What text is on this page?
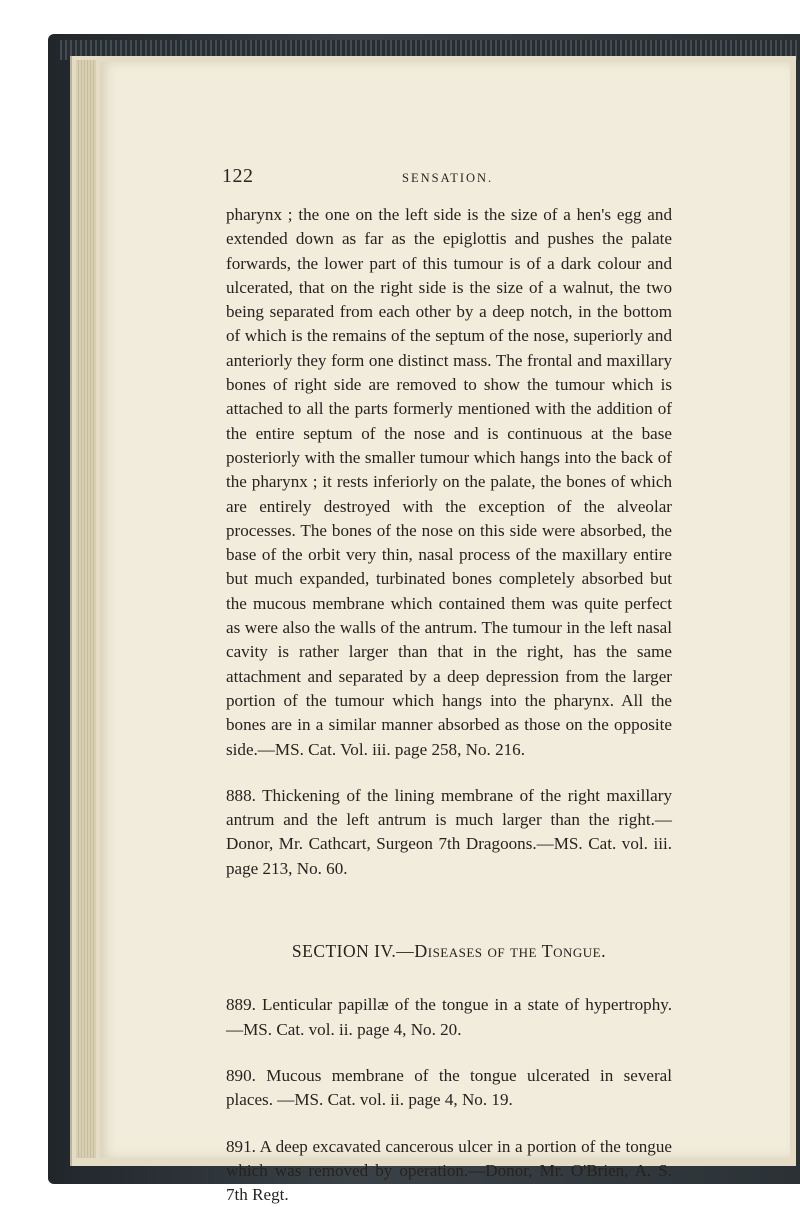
122	SENSATION.

pharynx ; the one on the left side is the size of a hen's egg and extended down as far as the epiglottis and pushes the palate forwards, the lower part of this tumour is of a dark colour and ulcerated, that on the right side is the size of a walnut, the two being separated from each other by a deep notch, in the bottom of which is the remains of the septum of the nose, superiorly and anteriorly they form one distinct mass. The frontal and maxillary bones of right side are removed to show the tumour which is attached to all the parts formerly mentioned with the addition of the entire septum of the nose and is continuous at the base posteriorly with the smaller tumour which hangs into the back of the pharynx ; it rests inferiorly on the palate, the bones of which are entirely destroyed with the exception of the alveolar processes. The bones of the nose on this side were absorbed, the base of the orbit very thin, nasal process of the maxillary entire but much expanded, turbinated bones completely absorbed but the mucous membrane which contained them was quite perfect as were also the walls of the antrum. The tumour in the left nasal cavity is rather larger than that in the right, has the same attachment and separated by a deep depression from the larger portion of the tumour which hangs into the pharynx. All the bones are in a similar manner absorbed as those on the opposite side.—MS. Cat. Vol. iii. page 258, No. 216.

888. Thickening of the lining membrane of the right maxillary antrum and the left antrum is much larger than the right.—Donor, Mr. Cathcart, Surgeon 7th Dragoons.—MS. Cat. vol. iii. page 213, No. 60.

SECTION IV.—Diseases of the Tongue.

889. Lenticular papillæ of the tongue in a state of hypertrophy. —MS. Cat. vol. ii. page 4, No. 20.

890. Mucous membrane of the tongue ulcerated in several places. —MS. Cat. vol. ii. page 4, No. 19.

891. A deep excavated cancerous ulcer in a portion of the tongue which was removed by operation.—Donor, Mr. O'Brien, A. S. 7th Regt.
